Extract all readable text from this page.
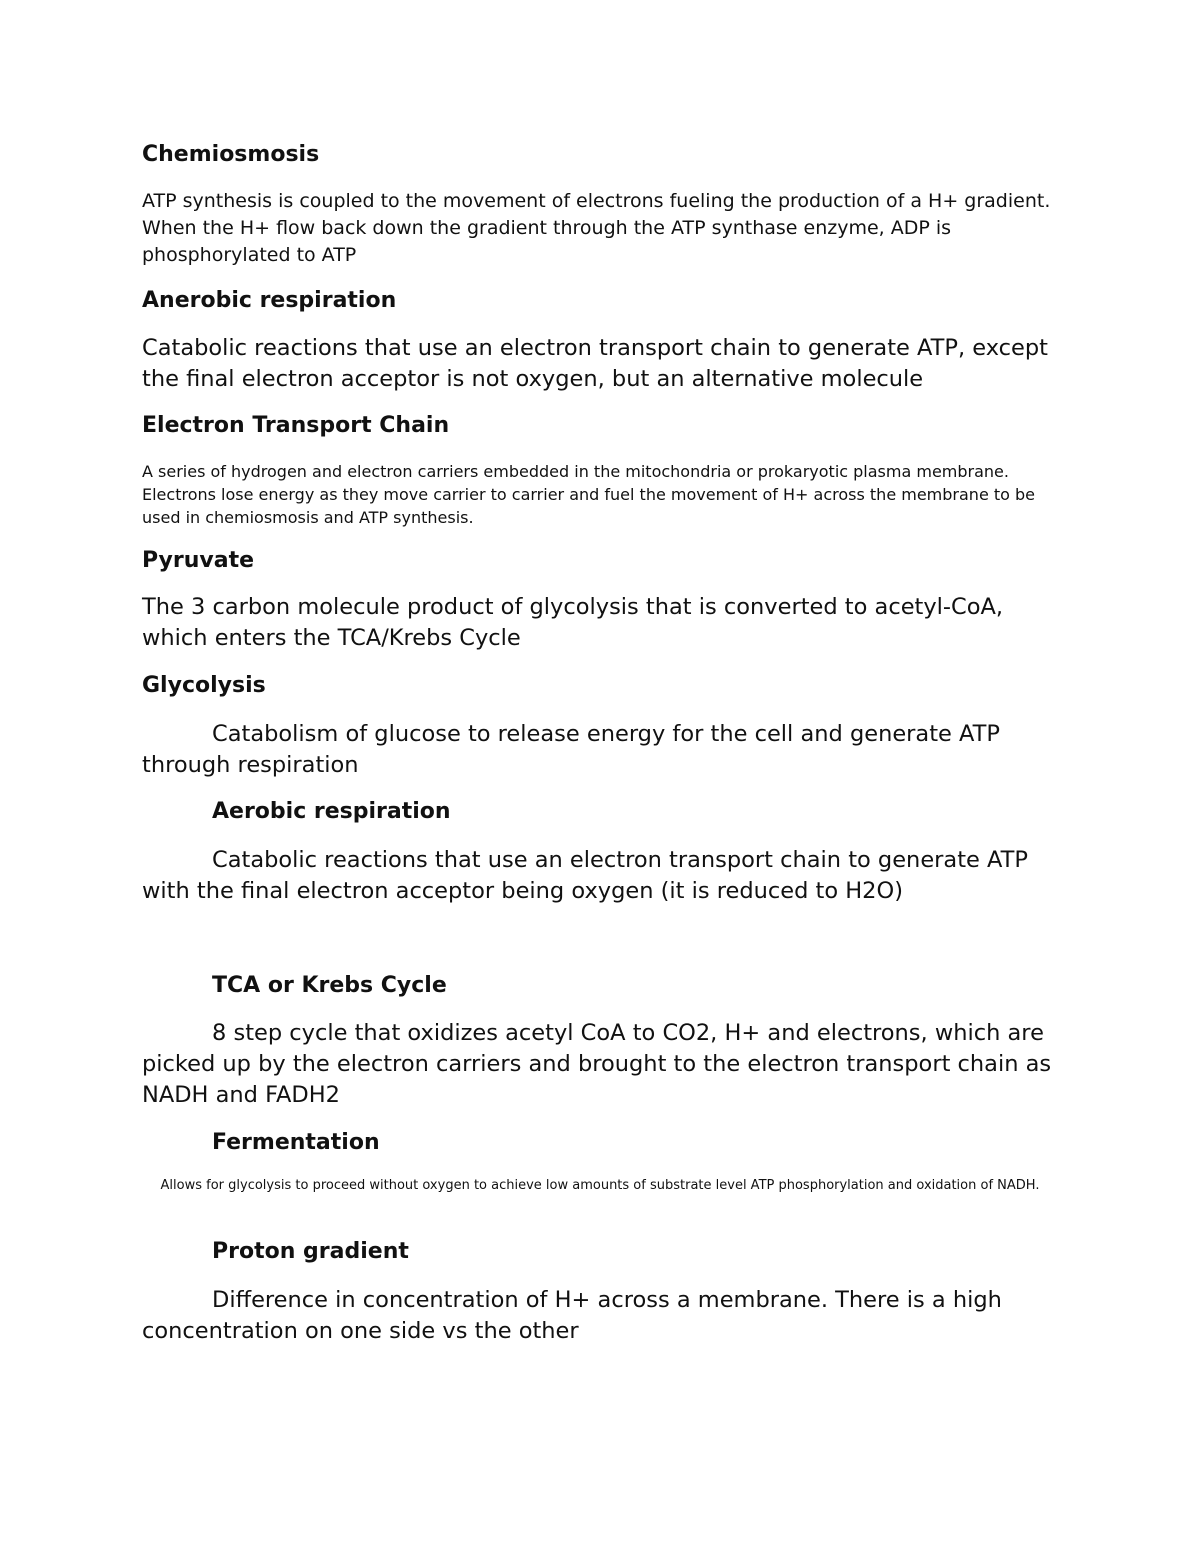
Chemiosmosis

ATP synthesis is coupled to the movement of electrons fueling the production of a H+ gradient. When the H+ flow back down the gradient through the ATP synthase enzyme, ADP is phosphorylated to ATP

Anerobic respiration

Catabolic reactions that use an electron transport chain to generate ATP, except the final electron acceptor is not oxygen, but an alternative molecule

Electron Transport Chain

A series of hydrogen and electron carriers embedded in the mitochondria or prokaryotic plasma membrane. Electrons lose energy as they move carrier to carrier and fuel the movement of H+ across the membrane to be used in chemiosmosis and ATP synthesis.

Pyruvate

The 3 carbon molecule product of glycolysis that is converted to acetyl-CoA, which enters the TCA/Krebs Cycle

Glycolysis

Catabolism of glucose to release energy for the cell and generate ATP through respiration

Aerobic respiration

Catabolic reactions that use an electron transport chain to generate ATP with the final electron acceptor being oxygen (it is reduced to H2O)

TCA or Krebs Cycle

8 step cycle that oxidizes acetyl CoA to CO2, H+ and electrons, which are picked up by the electron carriers and brought to the electron transport chain as NADH and FADH2

Fermentation

Allows for glycolysis to proceed without oxygen to achieve low amounts of substrate level ATP phosphorylation and oxidation of NADH.

Proton gradient

Difference in concentration of H+ across a membrane. There is a high concentration on one side vs the other
